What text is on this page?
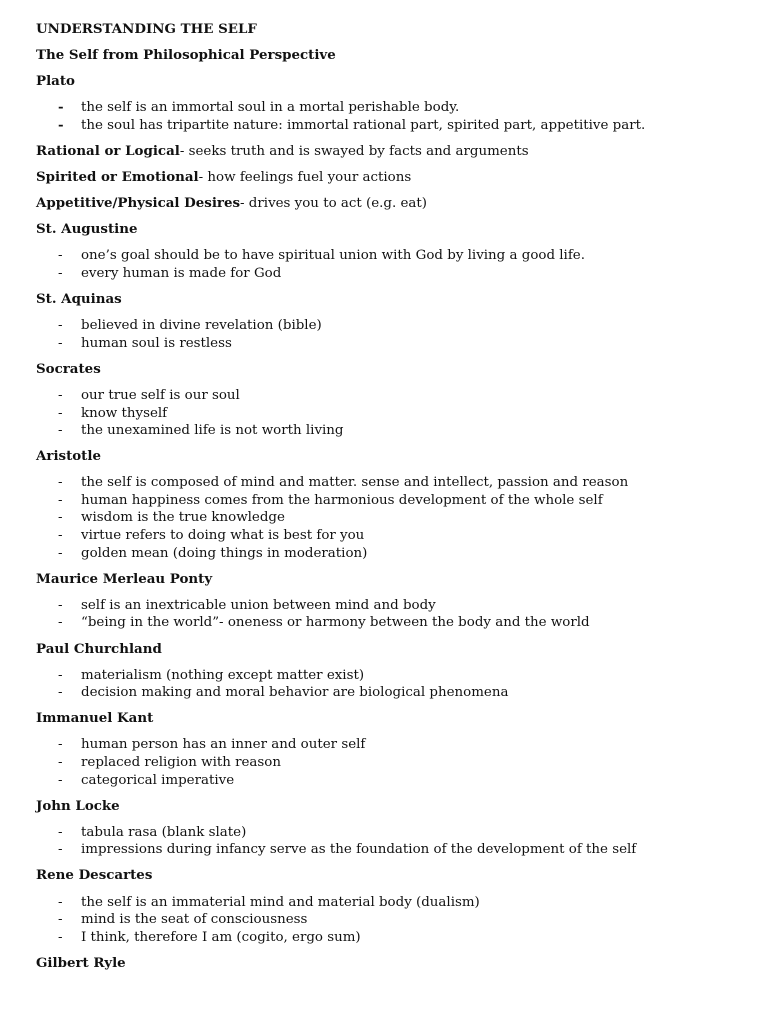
UNDERSTANDING THE SELF
The Self from Philosophical Perspective
Plato
- the self is an immortal soul in a mortal perishable body.
- the soul has tripartite nature: immortal rational part, spirited part, appetitive part.
Rational or Logical- seeks truth and is swayed by facts and arguments
Spirited or Emotional- how feelings fuel your actions
Appetitive/Physical Desires- drives you to act (e.g. eat)
St. Augustine
- one’s goal should be to have spiritual union with God by living a good life.
- every human is made for God
St. Aquinas
- believed in divine revelation (bible)
- human soul is restless
Socrates
- our true self is our soul
- know thyself
- the unexamined life is not worth living
Aristotle
- the self is composed of mind and matter. sense and intellect, passion and reason
- human happiness comes from the harmonious development of the whole self
- wisdom is the true knowledge
- virtue refers to doing what is best for you
- golden mean (doing things in moderation)
Maurice Merleau Ponty
- self is an inextricable union between mind and body
- “being in the world”- oneness or harmony between the body and the world
Paul Churchland
- materialism (nothing except matter exist)
- decision making and moral behavior are biological phenomena
Immanuel Kant
- human person has an inner and outer self
- replaced religion with reason
- categorical imperative
John Locke
- tabula rasa (blank slate)
- impressions during infancy serve as the foundation of the development of the self
Rene Descartes
- the self is an immaterial mind and material body (dualism)
- mind is the seat of consciousness
- I think, therefore I am (cogito, ergo sum)
Gilbert Ryle
